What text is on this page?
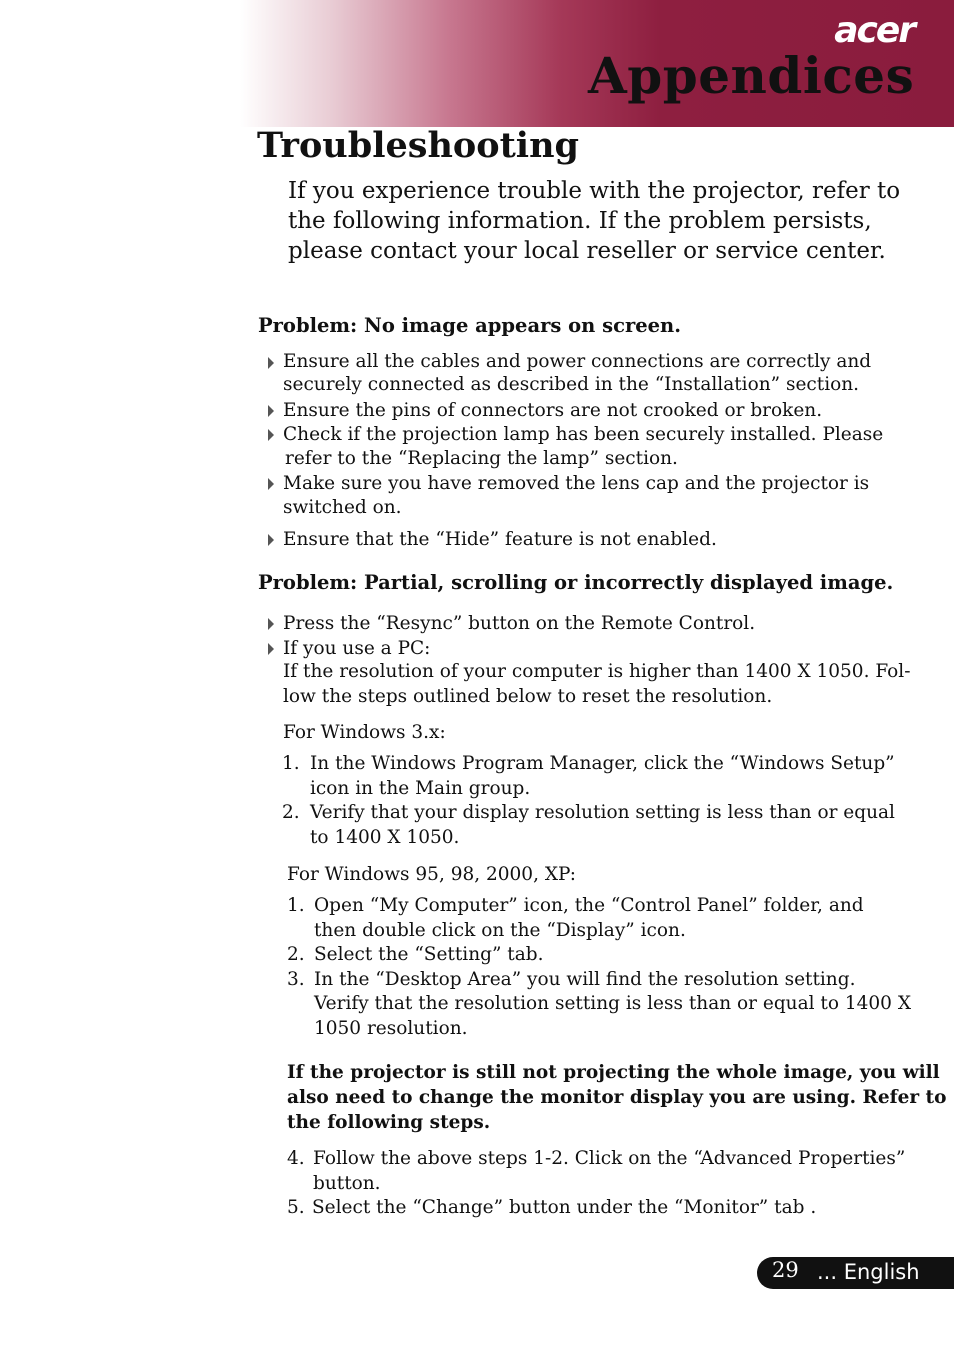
acer
Appendices
Troubleshooting
If you experience trouble with the projector, refer to
the following information. If the problem persists,
please contact your local reseller or service center.
Problem: No image appears on screen.
Ensure all the cables and power connections are correctly and
securely connected as described in the “Installation” section.
Ensure the pins of connectors are not crooked or broken.
Check if the projection lamp has been securely installed. Please
refer to the “Replacing the lamp” section.
Make sure you have removed the lens cap and the projector is
switched on.
Ensure that the “Hide” feature is not enabled.
Problem: Partial, scrolling or incorrectly displayed image.
Press the “Resync” button on the Remote Control.
If you use a PC:
If the resolution of your computer is higher than 1400 X 1050. Fol-
low the steps outlined below to reset the resolution.
For Windows 3.x:
1. In the Windows Program Manager, click the “Windows Setup”
icon in the Main group.
2. Verify that your display resolution setting is less than or equal
to 1400 X 1050.
For Windows 95, 98, 2000, XP:
1. Open “My Computer” icon, the “Control Panel” folder, and
then double click on the “Display” icon.
2. Select the “Setting” tab.
3. In the “Desktop Area” you will find the resolution setting.
Verify that the resolution setting is less than or equal to 1400 X
1050 resolution.
If the projector is still not projecting the whole image, you will
also need to change the monitor display you are using. Refer to
the following steps.
4. Follow the above steps 1-2. Click on the “Advanced Properties”
button.
5. Select the “Change” button under the “Monitor” tab .
29 ... English
